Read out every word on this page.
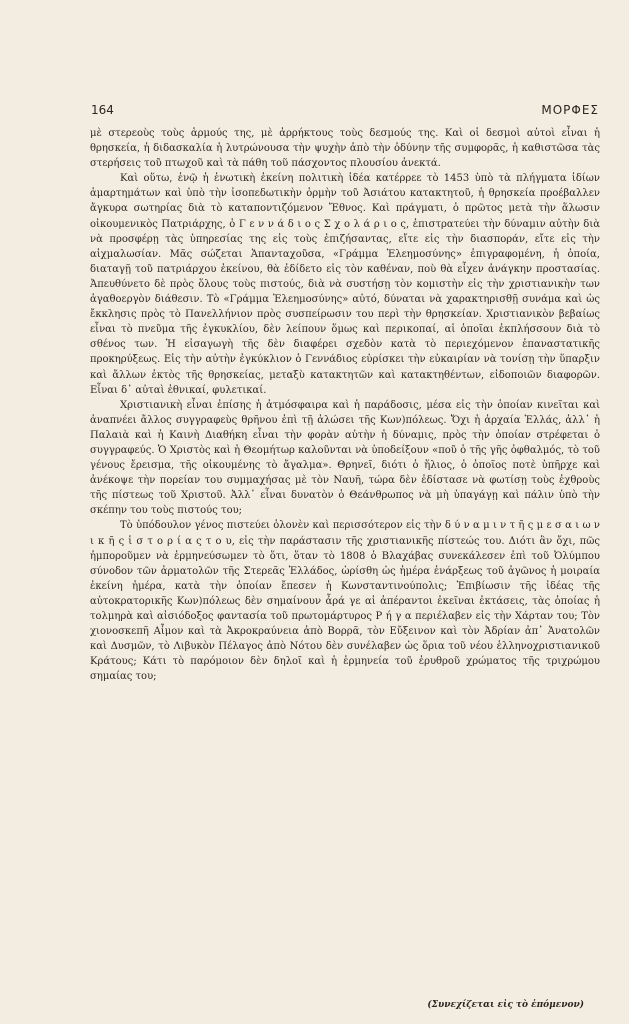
164	ΜΟΡΦΕΣ

μὲ στερεοὺς τοὺς ἁρμούς της, μὲ ἀρρήκτους τοὺς δεσμούς της. Καὶ οἱ δεσμοὶ αὐτοὶ εἶναι ἡ θρησκεία, ἡ διδασκαλία ἡ λυτρώνουσα τὴν ψυχὴν ἀπὸ τὴν ὀδύνην τῆς συμφορᾶς, ἡ καθιστῶσα τὰς στερήσεις τοῦ πτωχοῦ καὶ τὰ πάθη τοῦ πάσχοντος πλουσίου ἀνεκτά.

Καὶ οὕτω, ἐνῷ ἡ ἑνωτικὴ ἐκείνη πολιτικὴ ἰδέα κατέρρεε τὸ 1453 ὑπὸ τὰ πλήγματα ἰδίων ἁμαρτημάτων καὶ ὑπὸ τὴν ἰσοπεδωτικὴν ὁρμὴν τοῦ Ἀσιάτου κατακτητοῦ, ἡ θρησκεία προέβαλλεν ἄγκυρα σωτηρίας διὰ τὸ καταποντιζόμενον Ἔθνος. Καὶ πράγματι, ὁ πρῶτος μετὰ τὴν ἅλωσιν οἰκουμενικὸς Πατριάρχης, ὁ Γ ε ν ν ά δ ι ο ς Σ χ ο λ ά ρ ι ο ς, ἐπιστρατεύει τὴν δύναμιν αὐτὴν διὰ νὰ προσφέρῃ τὰς ὑπηρεσίας της εἰς τοὺς ἐπιζήσαντας, εἴτε εἰς τὴν διασποράν, εἴτε εἰς τὴν αἰχμαλωσίαν. Μᾶς σώζεται Ἁπανταχοῦσα, «Γράμμα Ἐλεημοσύνης» ἐπιγραφομένη, ἡ ὁποία, διαταγῇ τοῦ πατριάρχου ἐκείνου, θὰ ἐδίδετο εἰς τὸν καθέναν, ποὺ θὰ εἶχεν ἀνάγκην προστασίας. Ἀπευθύνετο δὲ πρὸς ὅλους τοὺς πιστούς, διὰ νὰ συστήσῃ τὸν κομιστὴν εἰς τὴν χριστιανικὴν των ἀγαθοεργὸν διάθεσιν. Τὸ «Γράμμα Ἐλεημοσύνης» αὐτό, δύναται νὰ χαρακτηρισθῇ συνάμα καὶ ὡς ἔκκλησις πρὸς τὸ Πανελλήνιον πρὸς συσπείρωσιν του περὶ τὴν θρησκείαν. Χριστιανικὸν βεβαίως εἶναι τὸ πνεῦμα τῆς ἐγκυκλίου, δὲν λείπουν ὅμως καὶ περικοπαί, αἱ ὁποῖαι ἐκπλήσσουν διὰ τὸ σθένος των. Ἡ εἰσαγωγὴ τῆς δὲν διαφέρει σχεδὸν κατὰ τὸ περιεχόμενον ἐπαναστατικῆς προκηρύξεως. Εἰς τὴν αὐτὴν ἐγκύκλιον ὁ Γεννάδιος εὑρίσκει τὴν εὐκαιρίαν νὰ τονίσῃ τὴν ὕπαρξιν καὶ ἄλλων ἐκτὸς τῆς θρησκείας, μεταξὺ κατακτητῶν καὶ κατακτηθέντων, εἰδοποιῶν διαφορῶν. Εἶναι δ᾽ αὐταὶ ἐθνικαί, φυλετικαί.

Χριστιανικὴ εἶναι ἐπίσης ἡ ἀτμόσφαιρα καὶ ἡ παράδοσις, μέσα εἰς τὴν ὁποίαν κινεῖται καὶ ἀναπνέει ἄλλος συγγραφεὺς θρῆνου ἐπὶ τῇ ἁλώσει τῆς Κων)πόλεως. Ὄχι ἡ ἀρχαία Ἑλλάς, ἀλλ᾽ ἡ Παλαιὰ καὶ ἡ Καινὴ Διαθήκη εἶναι τὴν φορὰν αὐτὴν ἡ δύναμις, πρὸς τὴν ὁποίαν στρέφεται ὁ συγγραφεύς. Ὁ Χριστὸς καὶ ἡ Θεομήτωρ καλοῦνται νὰ ὑποδείξουν «ποῦ ὁ τῆς γῆς ὀφθαλμός, τὸ τοῦ γένους ἔρεισμα, τῆς οἰκουμένης τὸ ἄγαλμα». Θρηνεῖ, διότι ὁ ἥλιος, ὁ ὁποῖος ποτὲ ὑπῆρχε καὶ ἀνέκοψε τὴν πορείαν του συμμαχήσας μὲ τὸν Ναυῆ, τώρα δὲν ἐδίστασε νὰ φωτίσῃ τοὺς ἐχθροὺς τῆς πίστεως τοῦ Χριστοῦ. Ἀλλ᾽ εἶναι δυνατὸν ὁ Θεάνθρωπος νὰ μὴ ὑπαγάγῃ καὶ πάλιν ὑπὸ τὴν σκέπην του τοὺς πιστούς του;

Τὸ ὑπόδουλον γένος πιστεύει ὁλονὲν καὶ περισσότερον εἰς τὴν δ ύ ν α μ ι ν τ ῆ ς μ ε σ α ι ω ν ι κ ῆ ς ἱ σ τ ο ρ ί α ς τ ο υ, εἰς τὴν παράστασιν τῆς χριστιανικῆς πίστεώς του. Διότι ἂν ὄχι, πῶς ἠμποροῦμεν νὰ ἑρμηνεύσωμεν τὸ ὅτι, ὅταν τὸ 1808 ὁ Βλαχάβας συνεκάλεσεν ἐπὶ τοῦ Ὀλύμπου σύνοδον τῶν ἁρματολῶν τῆς Στερεᾶς Ἑλλάδος, ὡρίσθη ὡς ἡμέρα ἐνάρξεως τοῦ ἀγῶνος ἡ μοιραία ἐκείνη ἡμέρα, κατὰ τὴν ὁποίαν ἔπεσεν ἡ Κωνσταντινούπολις; Ἐπιβίωσιν τῆς ἰδέας τῆς αὐτοκρατορικῆς Κων)πόλεως δὲν σημαίνουν ἆρά γε αἱ ἀπέραντοι ἐκεῖναι ἐκτάσεις, τὰς ὁποίας ἡ τολμηρὰ καὶ αἰσιόδοξος φαντασία τοῦ πρωτομάρτυρος Ρ ή γ α περιέλαβεν εἰς τὴν Χάρταν του; Τὸν χιονοσκεπῆ Αἷμον καὶ τὰ Ἀκροκραύνεια ἀπὸ Βορρᾶ, τὸν Εὔξεινον καὶ τὸν Ἀδρίαν ἀπ᾽ Ἀνατολῶν καὶ Δυσμῶν, τὸ Λιβυκὸν Πέλαγος ἀπὸ Νότου δὲν συνέλαβεν ὡς ὅρια τοῦ νέου ἑλληνοχριστιανικοῦ Κράτους; Κάτι τὸ παρόμοιον δὲν δηλοῖ καὶ ἡ ἑρμηνεία τοῦ ἐρυθροῦ χρώματος τῆς τριχρώμου σημαίας του;

(Συνεχίζεται εἰς τὸ ἑπόμενον)
